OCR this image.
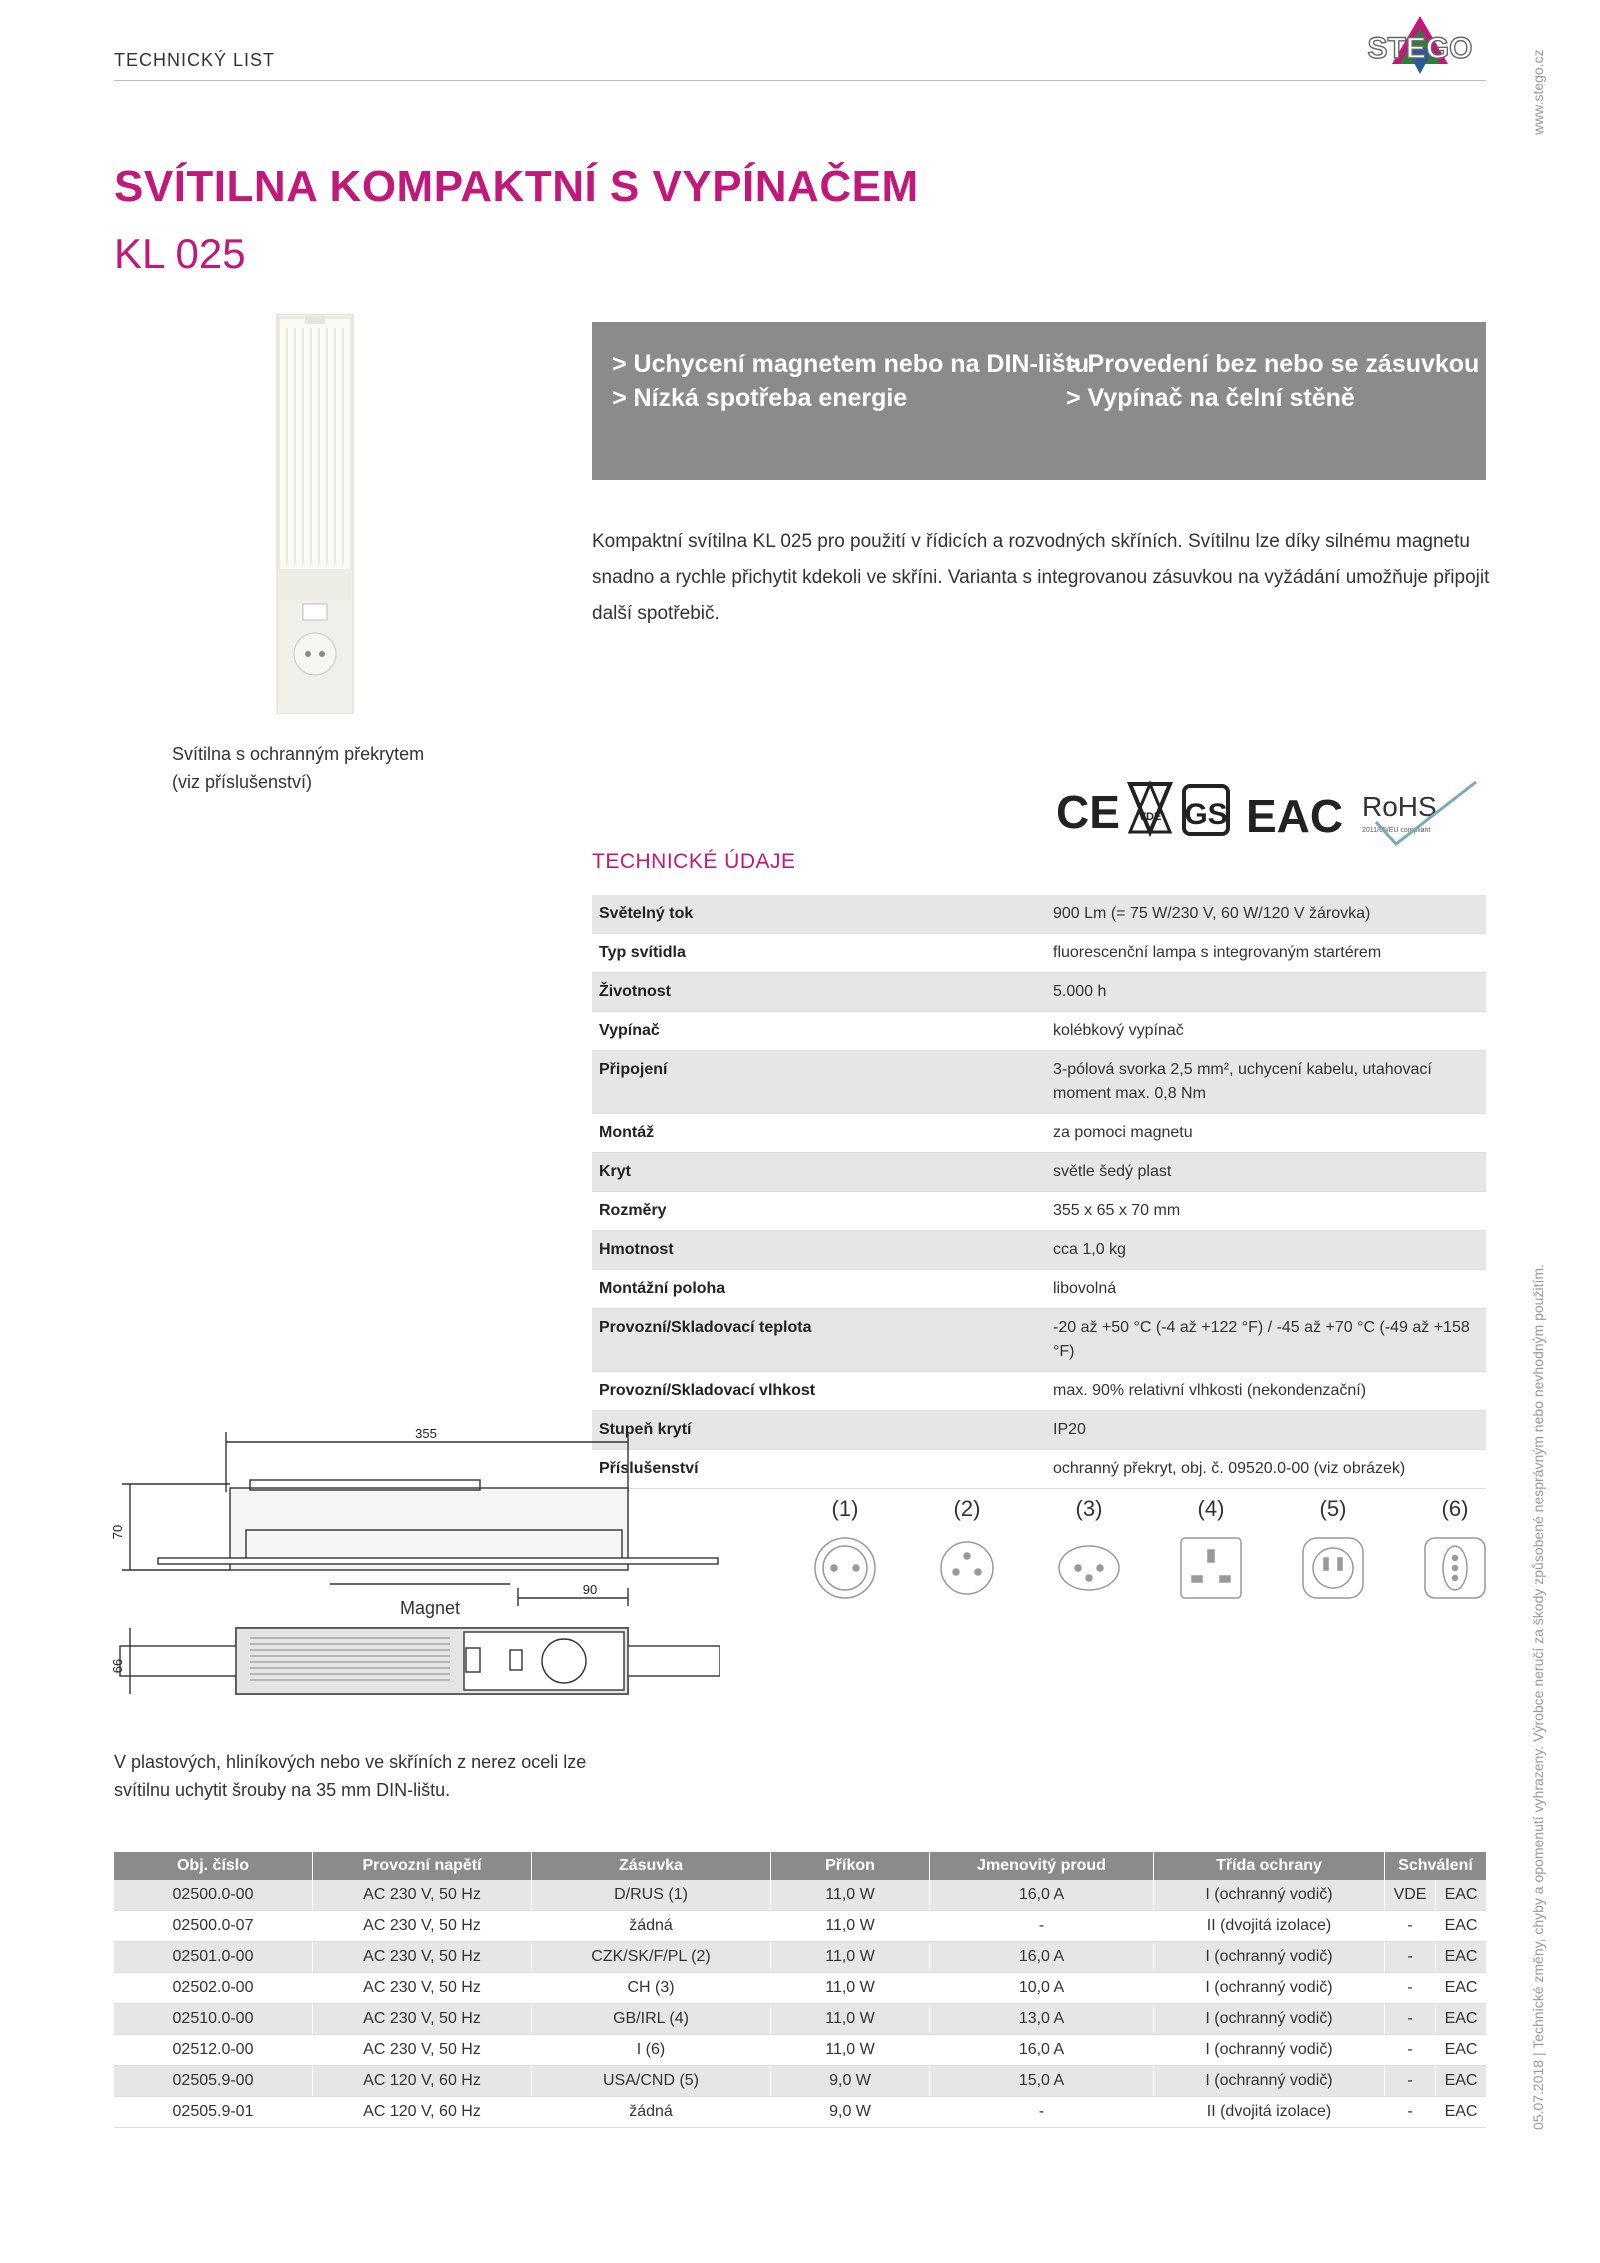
TECHNICKÝ LIST	STEGO
www.stego.cz
05.07.2018 | Technické změny, chyby a opomenutí vyhrazeny. Výrobce neručí za škody způsobené nesprávným nebo nevhodným použitím.
SVÍTILNA KOMPAKTNÍ S VYPÍNAČEM
KL 025
Svítilna s ochranným překrytem
(viz příslušenství)
> Uchycení magnetem nebo na DIN-lištu
> Nízká spotřeba energie
> Provedení bez nebo se zásuvkou
> Vypínač na čelní stěně
Kompaktní svítilna KL 025 pro použití v řídicích a rozvodných skříních. Svítilnu lze díky silnému magnetu snadno a rychle přichytit kdekoli ve skříni. Varianta s integrovanou zásuvkou na vyžádání umožňuje připojit další spotřebič.
CE VDE GS EAC RoHS
2011/65/EU compliant
TECHNICKÉ ÚDAJE
Světelný tok	900 Lm (= 75 W/230 V, 60 W/120 V žárovka)
Typ svítidla	fluorescenční lampa s integrovaným startérem
Životnost	5.000 h
Vypínač	kolébkový vypínač
Připojení	3-pólová svorka 2,5 mm², uchycení kabelu, utahovací moment max. 0,8 Nm
Montáž	za pomoci magnetu
Kryt	světle šedý plast
Rozměry	355 x 65 x 70 mm
Hmotnost	cca 1,0 kg
Montážní poloha	libovolná
Provozní/Skladovací teplota	-20 až +50 °C (-4 až +122 °F) / -45 až +70 °C (-49 až +158 °F)
Provozní/Skladovací vlhkost	max. 90% relativní vlhkosti (nekondenzační)
Stupeň krytí	IP20
Příslušenství	ochranný překryt, obj. č. 09520.0-00 (viz obrázek)
355
70
66
90
Magnet
(1)	(2)	(3)	(4)	(5)	(6)
V plastových, hliníkových nebo ve skříních z nerez oceli lze
svítilnu uchytit šrouby na 35 mm DIN-lištu.
Obj. číslo	Provozní napětí	Zásuvka	Příkon	Jmenovitý proud	Třída ochrany	Schválení	
02500.0-00	AC 230 V, 50 Hz	D/RUS (1)	11,0 W	16,0 A	I (ochranný vodič)	VDE	EAC
02500.0-07	AC 230 V, 50 Hz	žádná	11,0 W	-	II (dvojitá izolace)	-	EAC
02501.0-00	AC 230 V, 50 Hz	CZK/SK/F/PL (2)	11,0 W	16,0 A	I (ochranný vodič)	-	EAC
02502.0-00	AC 230 V, 50 Hz	CH (3)	11,0 W	10,0 A	I (ochranný vodič)	-	EAC
02510.0-00	AC 230 V, 50 Hz	GB/IRL (4)	11,0 W	13,0 A	I (ochranný vodič)	-	EAC
02512.0-00	AC 230 V, 50 Hz	I (6)	11,0 W	16,0 A	I (ochranný vodič)	-	EAC
02505.9-00	AC 120 V, 60 Hz	USA/CND (5)	9,0 W	15,0 A	I (ochranný vodič)	-	EAC
02505.9-01	AC 120 V, 60 Hz	žádná	9,0 W	-	II (dvojitá izolace)	-	EAC
